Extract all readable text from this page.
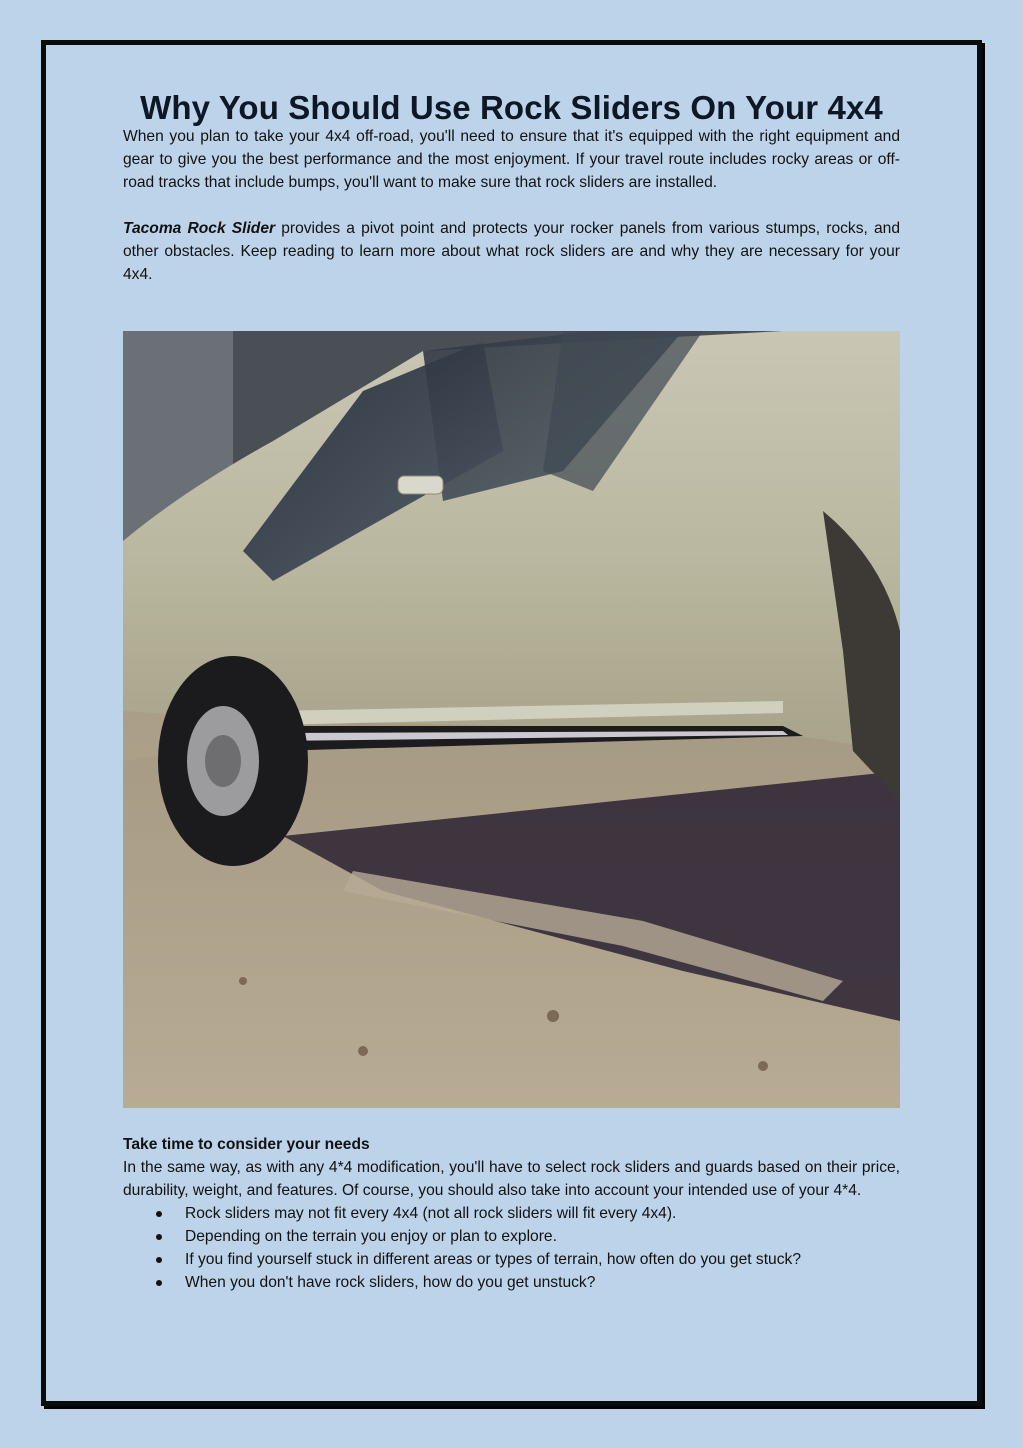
Why You Should Use Rock Sliders On Your 4x4

When you plan to take your 4x4 off-road, you'll need to ensure that it's equipped with the right equipment and gear to give you the best performance and the most enjoyment. If your travel route includes rocky areas or off-road tracks that include bumps, you'll want to make sure that rock sliders are installed.

Tacoma Rock Slider provides a pivot point and protects your rocker panels from various stumps, rocks, and other obstacles. Keep reading to learn more about what rock sliders are and why they are necessary for your 4x4.

Take time to consider your needs

In the same way, as with any 4*4 modification, you'll have to select rock sliders and guards based on their price, durability, weight, and features. Of course, you should also take into account your intended use of your 4*4.

Rock sliders may not fit every 4x4 (not all rock sliders will fit every 4x4).
Depending on the terrain you enjoy or plan to explore.
If you find yourself stuck in different areas or types of terrain, how often do you get stuck?
When you don't have rock sliders, how do you get unstuck?
